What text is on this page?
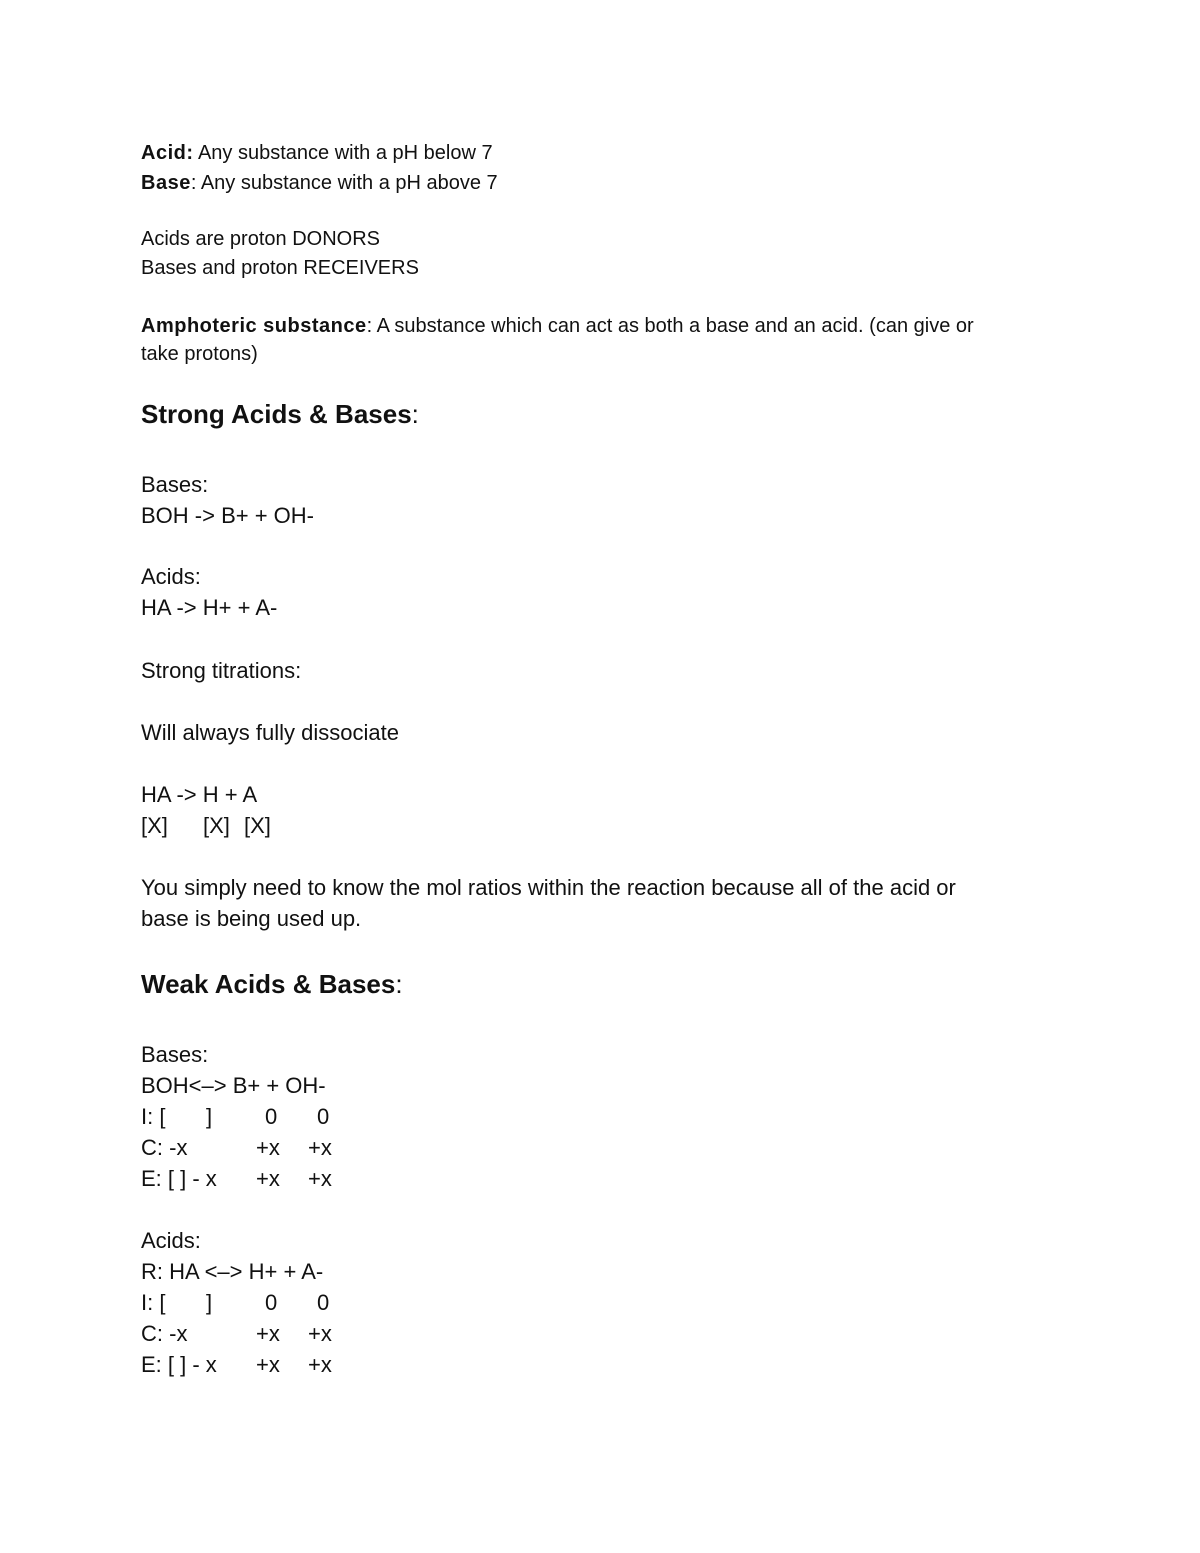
Acid: Any substance with a pH below 7
Base: Any substance with a pH above 7
Acids are proton DONORS
Bases and proton RECEIVERS
Amphoteric substance: A substance which can act as both a base and an acid. (can give or
take protons)
Strong Acids & Bases:
Bases:
BOH -> B+ + OH-
Acids:
HA -> H+ + A-
Strong titrations:
Will always fully dissociate
HA -> H + A
[X] [X] [X]
You simply need to know the mol ratios within the reaction because all of the acid or
base is being used up.
Weak Acids & Bases:
Bases:
BOH<–> B+ + OH-
I: [ ] 0 0
C: -x	+x +x
E: [ ] - x +x +x
Acids:
R: HA <–> H+ + A-
I: [ ] 0 0
C: -x	+x +x
E: [ ] - x +x +x
